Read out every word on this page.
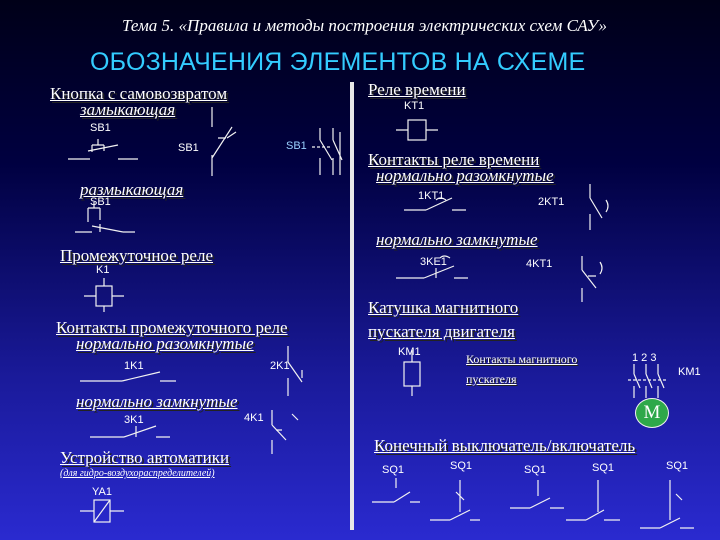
Тема 5. «Правила и методы построения электрических схем САУ»
ОБОЗНАЧЕНИЯ ЭЛЕМЕНТОВ НА СХЕМЕ
Кнопка с самовозвратом
замыкающая
SB1
SB1	SB1
размыкающая
SB1
Промежуточное реле
K1
Контакты промежуточного реле
нормально разомкнутые
1K1	2K1
нормально замкнутые
3K1	4K1
Устройство автоматики
(для гидро-воздухораспределителей)
YA1
Реле времени
KT1
Контакты реле времени
нормально разомкнутые
1KT1	2KT1
нормально замкнутые
3KE1	4KT1
Катушка магнитного
пускателя двигателя
KM1	Контакты магнитного
пускателя
1 2 3
KM1
M
Конечный выключатель/включатель
SQ1	SQ1	SQ1	SQ1	SQ1
